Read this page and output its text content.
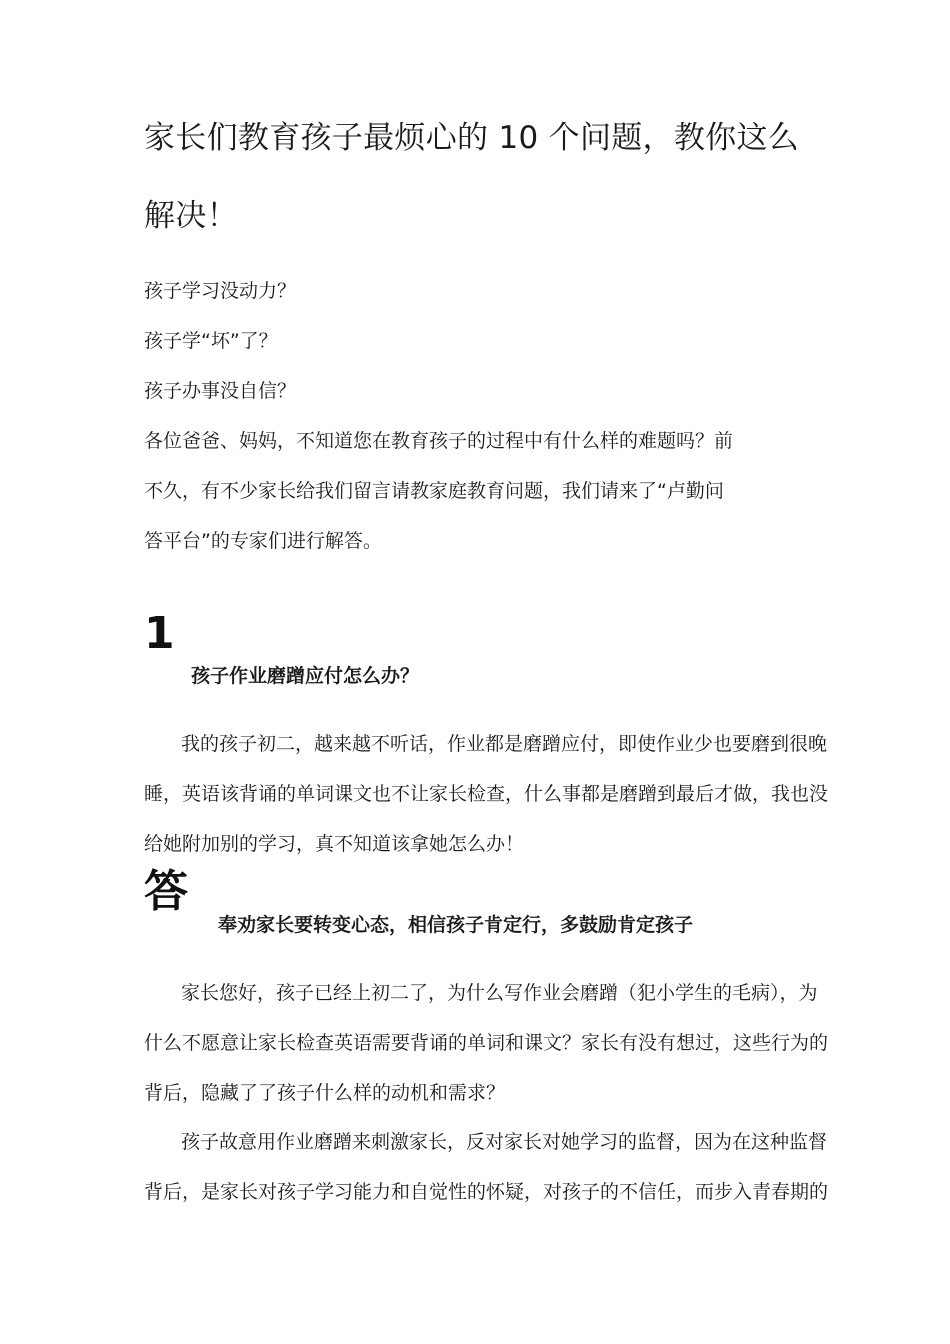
家长们教育孩子最烦心的 10 个问题，教你这么
解决！

孩子学习没动力？

孩子学“坏”了？

孩子办事没自信？

各位爸爸、妈妈，不知道您在教育孩子的过程中有什么样的难题吗？前

不久，有不少家长给我们留言请教家庭教育问题，我们请来了“卢勤问

答平台”的专家们进行解答。

1
孩子作业磨蹭应付怎么办？

我的孩子初二，越来越不听话，作业都是磨蹭应付，即使作业少也要磨到很晚

睡，英语该背诵的单词课文也不让家长检查，什么事都是磨蹭到最后才做，我也没

给她附加别的学习，真不知道该拿她怎么办！

答
奉劝家长要转变心态，相信孩子肯定行，多鼓励肯定孩子

家长您好，孩子已经上初二了，为什么写作业会磨蹭（犯小学生的毛病），为

什么不愿意让家长检查英语需要背诵的单词和课文？家长有没有想过，这些行为的

背后，隐藏了了孩子什么样的动机和需求？

孩子故意用作业磨蹭来刺激家长，反对家长对她学习的监督，因为在这种监督

背后，是家长对孩子学习能力和自觉性的怀疑，对孩子的不信任，而步入青春期的
